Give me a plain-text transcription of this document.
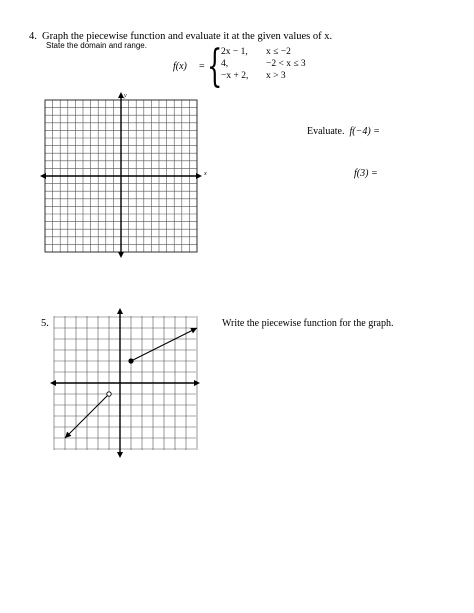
4. Graph the piecewise function and evaluate it at the given values of x.
State the domain and range.
f(x) = {
2x − 1, x ≤ −2
4,	−2 < x ≤ 3
−x + 2, x > 3
Evaluate. f(−4) =
f(3) =
y
x
5.	Write the piecewise function for the graph.
